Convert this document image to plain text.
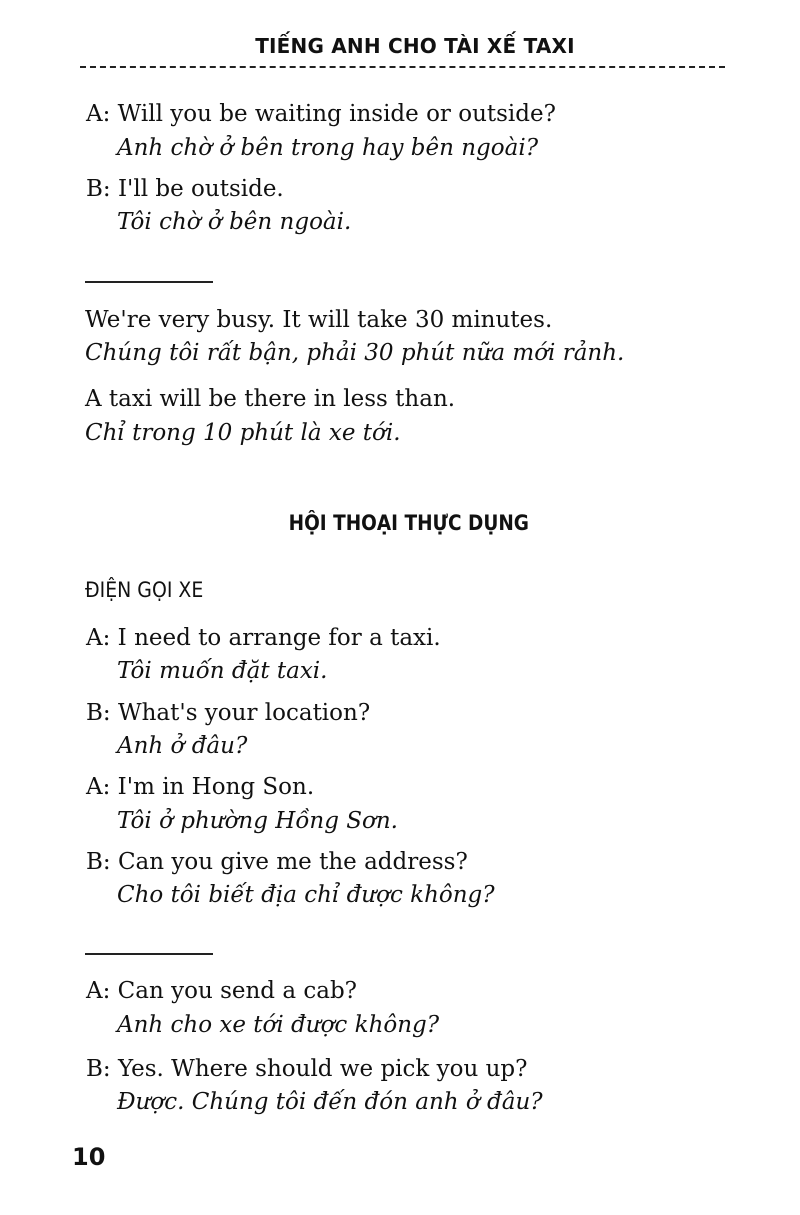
TIẾNG ANH CHO TÀI XẾ TAXI
A: Will you be waiting inside or outside?
Anh chờ ở bên trong hay bên ngoài?
B: I'll be outside.
Tôi chờ ở bên ngoài.
We're very busy. It will take 30 minutes.
Chúng tôi rất bận, phải 30 phút nữa mới rảnh.
A taxi will be there in less than.
Chỉ trong 10 phút là xe tới.
HỘI THOẠI THỰC DỤNG
ĐIỆN GỌI XE
A: I need to arrange for a taxi.
Tôi muốn đặt taxi.
B: What's your location?
Anh ở đâu?
A: I'm in Hong Son.
Tôi ở phường Hồng Sơn.
B: Can you give me the address?
Cho tôi biết địa chỉ được không?
A: Can you send a cab?
Anh cho xe tới được không?
B: Yes. Where should we pick you up?
Được. Chúng tôi đến đón anh ở đâu?
10
